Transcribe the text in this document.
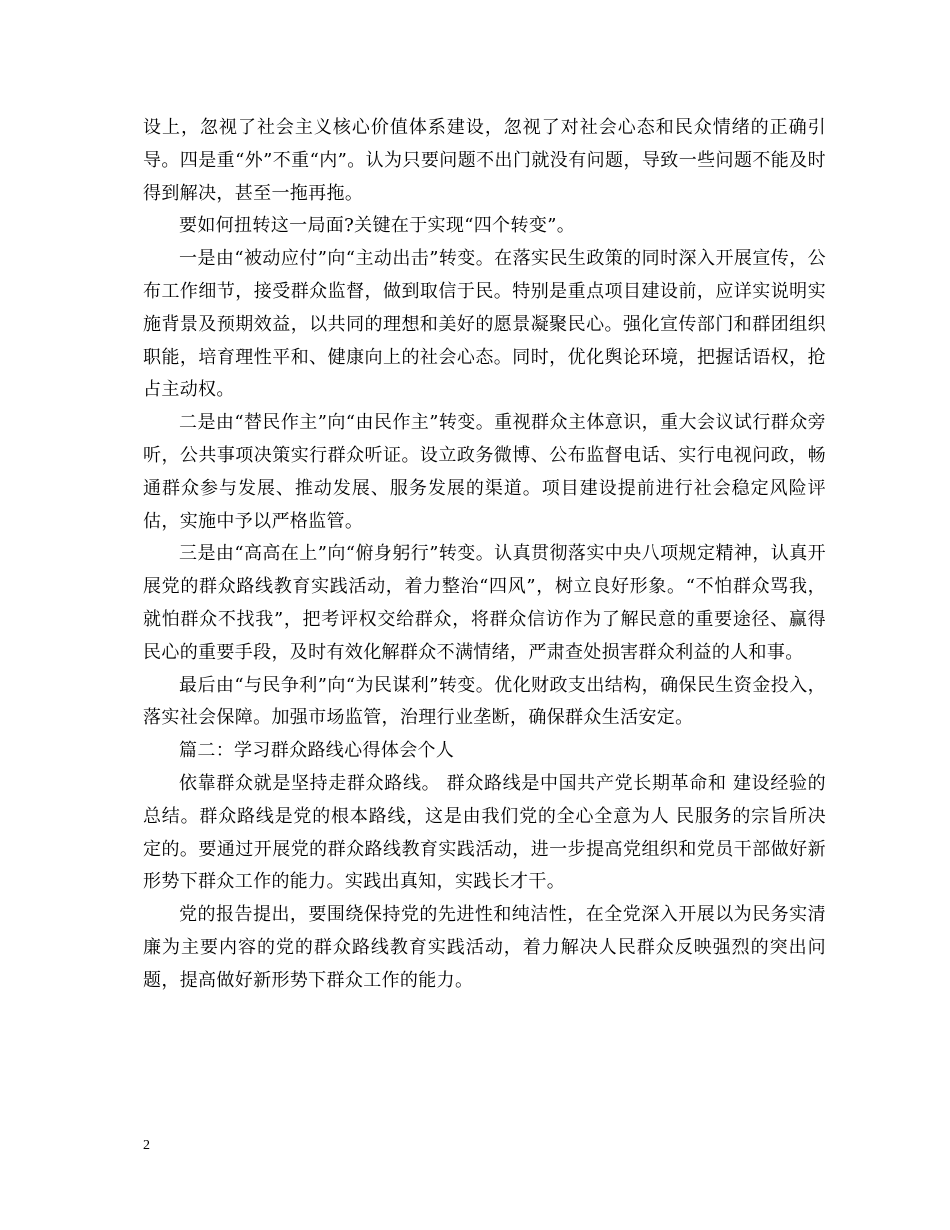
设上，忽视了社会主义核心价值体系建设，忽视了对社会心态和民众情绪的正确引导。四是重“外”不重“内”。认为只要问题不出门就没有问题，导致一些问题不能及时得到解决，甚至一拖再拖。

要如何扭转这一局面?关键在于实现“四个转变”。

一是由“被动应付”向“主动出击”转变。在落实民生政策的同时深入开展宣传，公布工作细节，接受群众监督，做到取信于民。特别是重点项目建设前，应详实说明实施背景及预期效益，以共同的理想和美好的愿景凝聚民心。强化宣传部门和群团组织职能，培育理性平和、健康向上的社会心态。同时，优化舆论环境，把握话语权，抢占主动权。

二是由“替民作主”向“由民作主”转变。重视群众主体意识，重大会议试行群众旁听，公共事项决策实行群众听证。设立政务微博、公布监督电话、实行电视问政，畅通群众参与发展、推动发展、服务发展的渠道。项目建设提前进行社会稳定风险评估，实施中予以严格监管。

三是由“高高在上”向“俯身躬行”转变。认真贯彻落实中央八项规定精神，认真开展党的群众路线教育实践活动，着力整治“四风”，树立良好形象。“不怕群众骂我，就怕群众不找我”，把考评权交给群众，将群众信访作为了解民意的重要途径、赢得民心的重要手段，及时有效化解群众不满情绪，严肃查处损害群众利益的人和事。

最后由“与民争利”向“为民谋利”转变。优化财政支出结构，确保民生资金投入，落实社会保障。加强市场监管，治理行业垄断，确保群众生活安定。

篇二：学习群众路线心得体会个人

依靠群众就是坚持走群众路线。 群众路线是中国共产党长期革命和 建设经验的总结。群众路线是党的根本路线，这是由我们党的全心全意为人 民服务的宗旨所决定的。要通过开展党的群众路线教育实践活动，进一步提高党组织和党员干部做好新形势下群众工作的能力。实践出真知，实践长才干。

党的报告提出，要围绕保持党的先进性和纯洁性，在全党深入开展以为民务实清廉为主要内容的党的群众路线教育实践活动，着力解决人民群众反映强烈的突出问题，提高做好新形势下群众工作的能力。

2
